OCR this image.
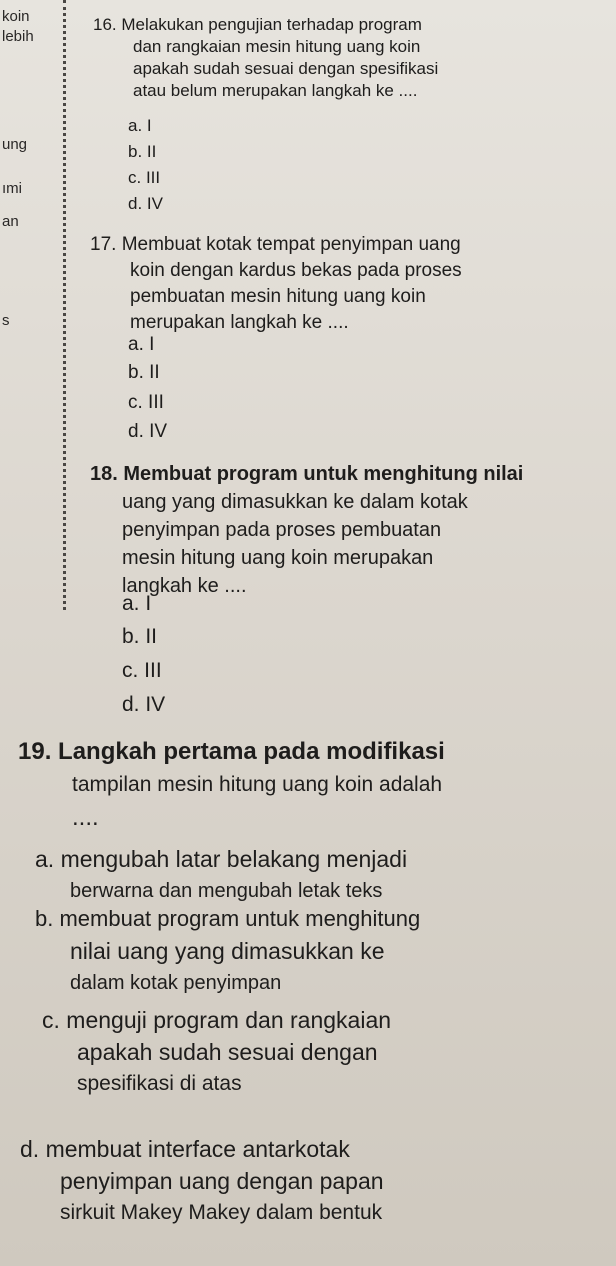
koin
lebih
ung
ımi
an
s
16. Melakukan pengujian terhadap program
dan rangkaian mesin hitung uang koin
apakah sudah sesuai dengan spesifikasi
atau belum merupakan langkah ke ....
a. I
b. II
c. III
d. IV
17. Membuat kotak tempat penyimpan uang
koin dengan kardus bekas pada proses
pembuatan mesin hitung uang koin
merupakan langkah ke ....
a. I
b. II
c. III
d. IV
18. Membuat program untuk menghitung nilai
uang yang dimasukkan ke dalam kotak
penyimpan pada proses pembuatan
mesin hitung uang koin merupakan
langkah ke ....
a. I
b. II
c. III
d. IV
19. Langkah pertama pada modifikasi
tampilan mesin hitung uang koin adalah
....
a. mengubah latar belakang menjadi
berwarna dan mengubah letak teks
b. membuat program untuk menghitung
nilai uang yang dimasukkan ke
dalam kotak penyimpan
c. menguji program dan rangkaian
apakah sudah sesuai dengan
spesifikasi di atas
d. membuat interface antarkotak
penyimpan uang dengan papan
sirkuit Makey Makey dalam bentuk
